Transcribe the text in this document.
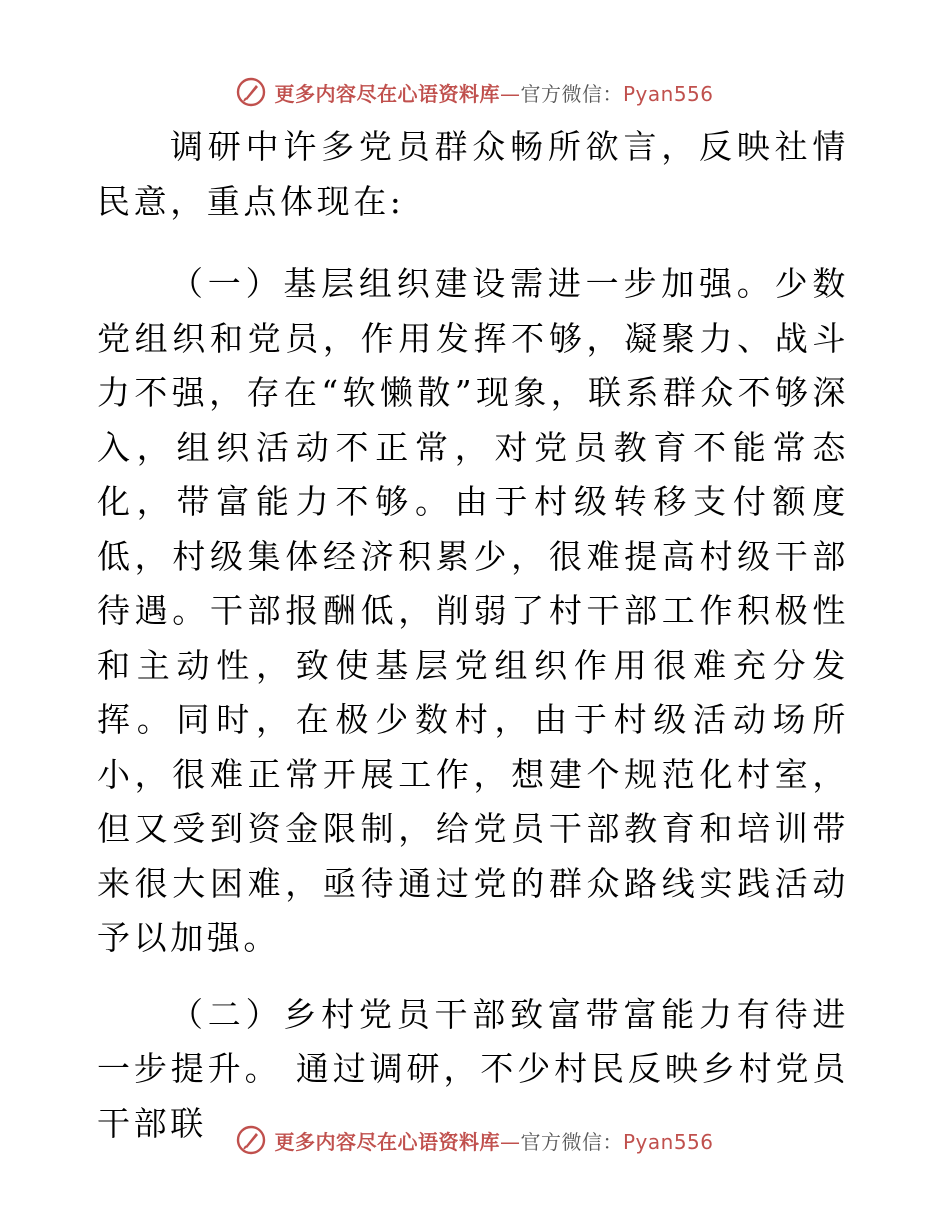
更多内容尽在心语资料库—官方微信：Pyan556

调研中许多党员群众畅所欲言，反映社情民意，重点体现在:

（一）基层组织建设需进一步加强。少数党组织和党员，作用发挥不够，凝聚力、战斗力不强，存在“软懒散”现象，联系群众不够深入，组织活动不正常，对党员教育不能常态化，带富能力不够。由于村级转移支付额度低，村级集体经济积累少，很难提高村级干部待遇。干部报酬低，削弱了村干部工作积极性和主动性，致使基层党组织作用很难充分发挥。同时，在极少数村，由于村级活动场所小，很难正常开展工作，想建个规范化村室，但又受到资金限制，给党员干部教育和培训带来很大困难，亟待通过党的群众路线实践活动予以加强。

（二）乡村党员干部致富带富能力有待进一步提升。 通过调研，不少村民反映乡村党员干部联	更多内容尽在心语资料库—官方微信：Pyan556
